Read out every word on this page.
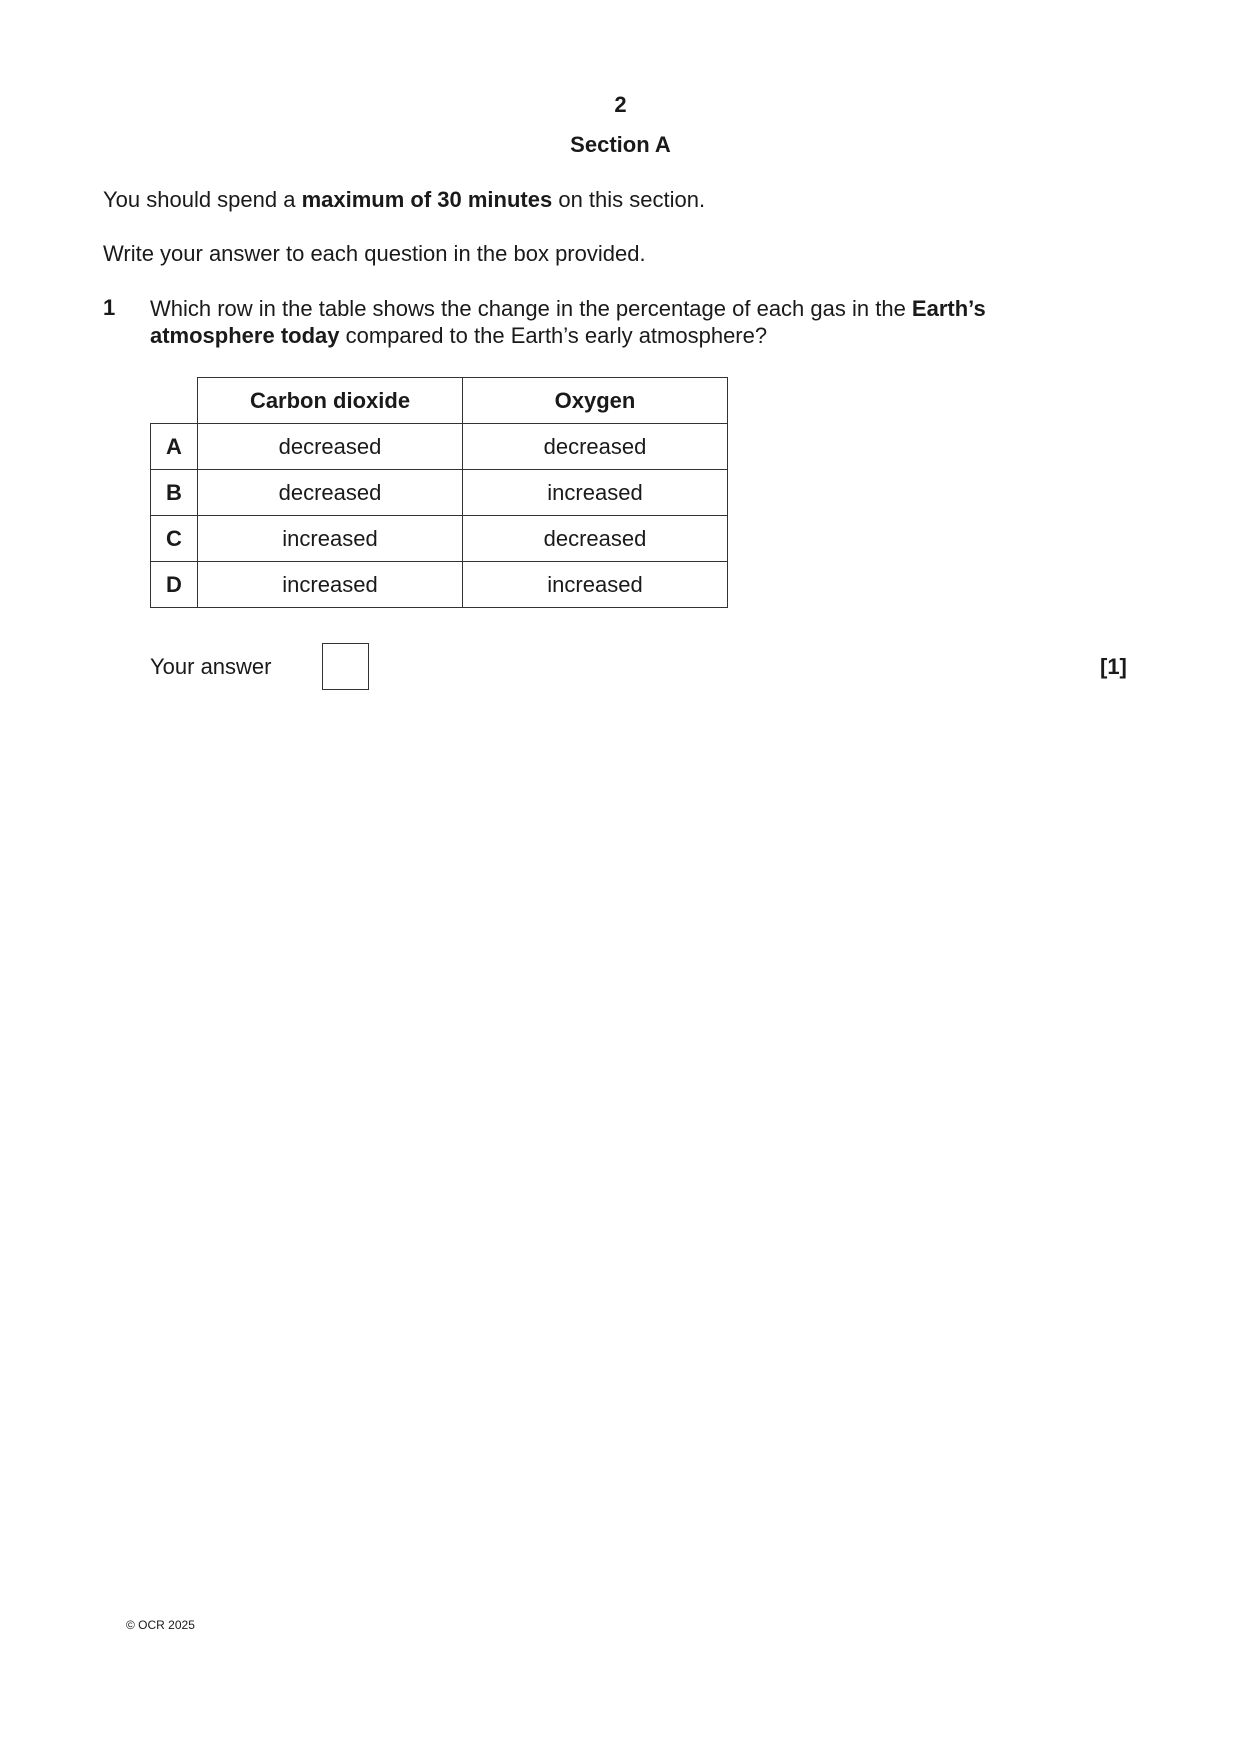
2
Section A
You should spend a maximum of 30 minutes on this section.
Write your answer to each question in the box provided.
1 Which row in the table shows the change in the percentage of each gas in the Earth’s atmosphere today compared to the Earth’s early atmosphere?
	Carbon dioxide	Oxygen
A	decreased	decreased
B	decreased	increased
C	increased	decreased
D	increased	increased
Your answer	[1]
© OCR 2025
